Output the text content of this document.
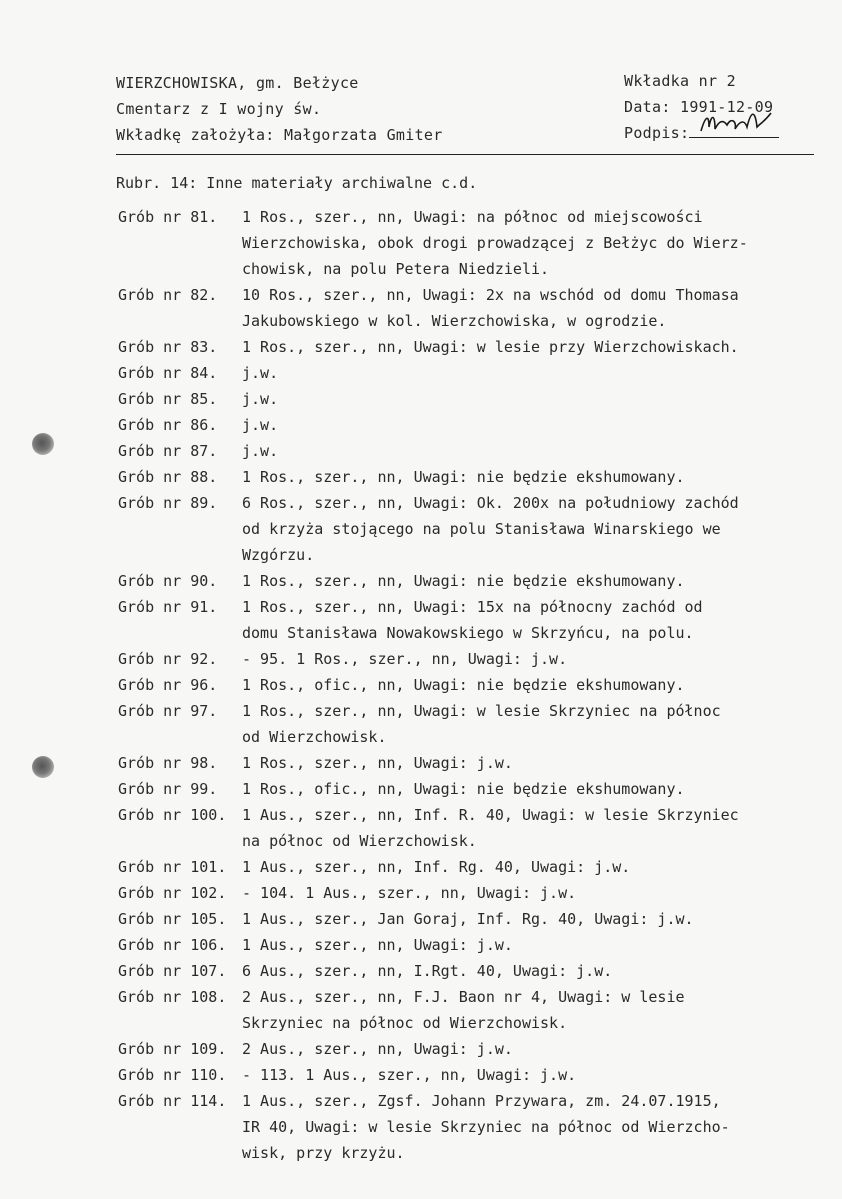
WIERZCHOWISKA, gm. Bełżyce
Cmentarz z I wojny św.
Wkładkę założyła: Małgorzata Gmiter
Wkładka nr 2
Data: 1991-12-09
Podpis:
Rubr. 14: Inne materiały archiwalne c.d.
Grób nr 81.	1 Ros., szer., nn, Uwagi: na północ od miejscowości
Wierzchowiska, obok drogi prowadzącej z Bełżyc do Wierz-
chowisk, na polu Petera Niedzieli.
Grób nr 82.	10 Ros., szer., nn, Uwagi: 2x na wschód od domu Thomasa
Jakubowskiego w kol. Wierzchowiska, w ogrodzie.
Grób nr 83.	1 Ros., szer., nn, Uwagi: w lesie przy Wierzchowiskach.
Grób nr 84.	j.w.
Grób nr 85.	j.w.
Grób nr 86.	j.w.
Grób nr 87.	j.w.
Grób nr 88.	1 Ros., szer., nn, Uwagi: nie będzie ekshumowany.
Grób nr 89.	6 Ros., szer., nn, Uwagi: Ok. 200x na południowy zachód
od krzyża stojącego na polu Stanisława Winarskiego we
Wzgórzu.
Grób nr 90.	1 Ros., szer., nn, Uwagi: nie będzie ekshumowany.
Grób nr 91.	1 Ros., szer., nn, Uwagi: 15x na północny zachód od
domu Stanisława Nowakowskiego w Skrzyńcu, na polu.
Grób nr 92.	- 95. 1 Ros., szer., nn, Uwagi: j.w.
Grób nr 96.	1 Ros., ofic., nn, Uwagi: nie będzie ekshumowany.
Grób nr 97.	1 Ros., szer., nn, Uwagi: w lesie Skrzyniec na północ
od Wierzchowisk.
Grób nr 98.	1 Ros., szer., nn, Uwagi: j.w.
Grób nr 99.	1 Ros., ofic., nn, Uwagi: nie będzie ekshumowany.
Grób nr 100.	1 Aus., szer., nn, Inf. R. 40, Uwagi: w lesie Skrzyniec
na północ od Wierzchowisk.
Grób nr 101.	1 Aus., szer., nn, Inf. Rg. 40, Uwagi: j.w.
Grób nr 102.	- 104. 1 Aus., szer., nn, Uwagi: j.w.
Grób nr 105.	1 Aus., szer., Jan Goraj, Inf. Rg. 40, Uwagi: j.w.
Grób nr 106.	1 Aus., szer., nn, Uwagi: j.w.
Grób nr 107.	6 Aus., szer., nn, I.Rgt. 40, Uwagi: j.w.
Grób nr 108.	2 Aus., szer., nn, F.J. Baon nr 4, Uwagi: w lesie
Skrzyniec na północ od Wierzchowisk.
Grób nr 109.	2 Aus., szer., nn, Uwagi: j.w.
Grób nr 110.	- 113. 1 Aus., szer., nn, Uwagi: j.w.
Grób nr 114.	1 Aus., szer., Zgsf. Johann Przywara, zm. 24.07.1915,
IR 40, Uwagi: w lesie Skrzyniec na północ od Wierzcho-
wisk, przy krzyżu.
